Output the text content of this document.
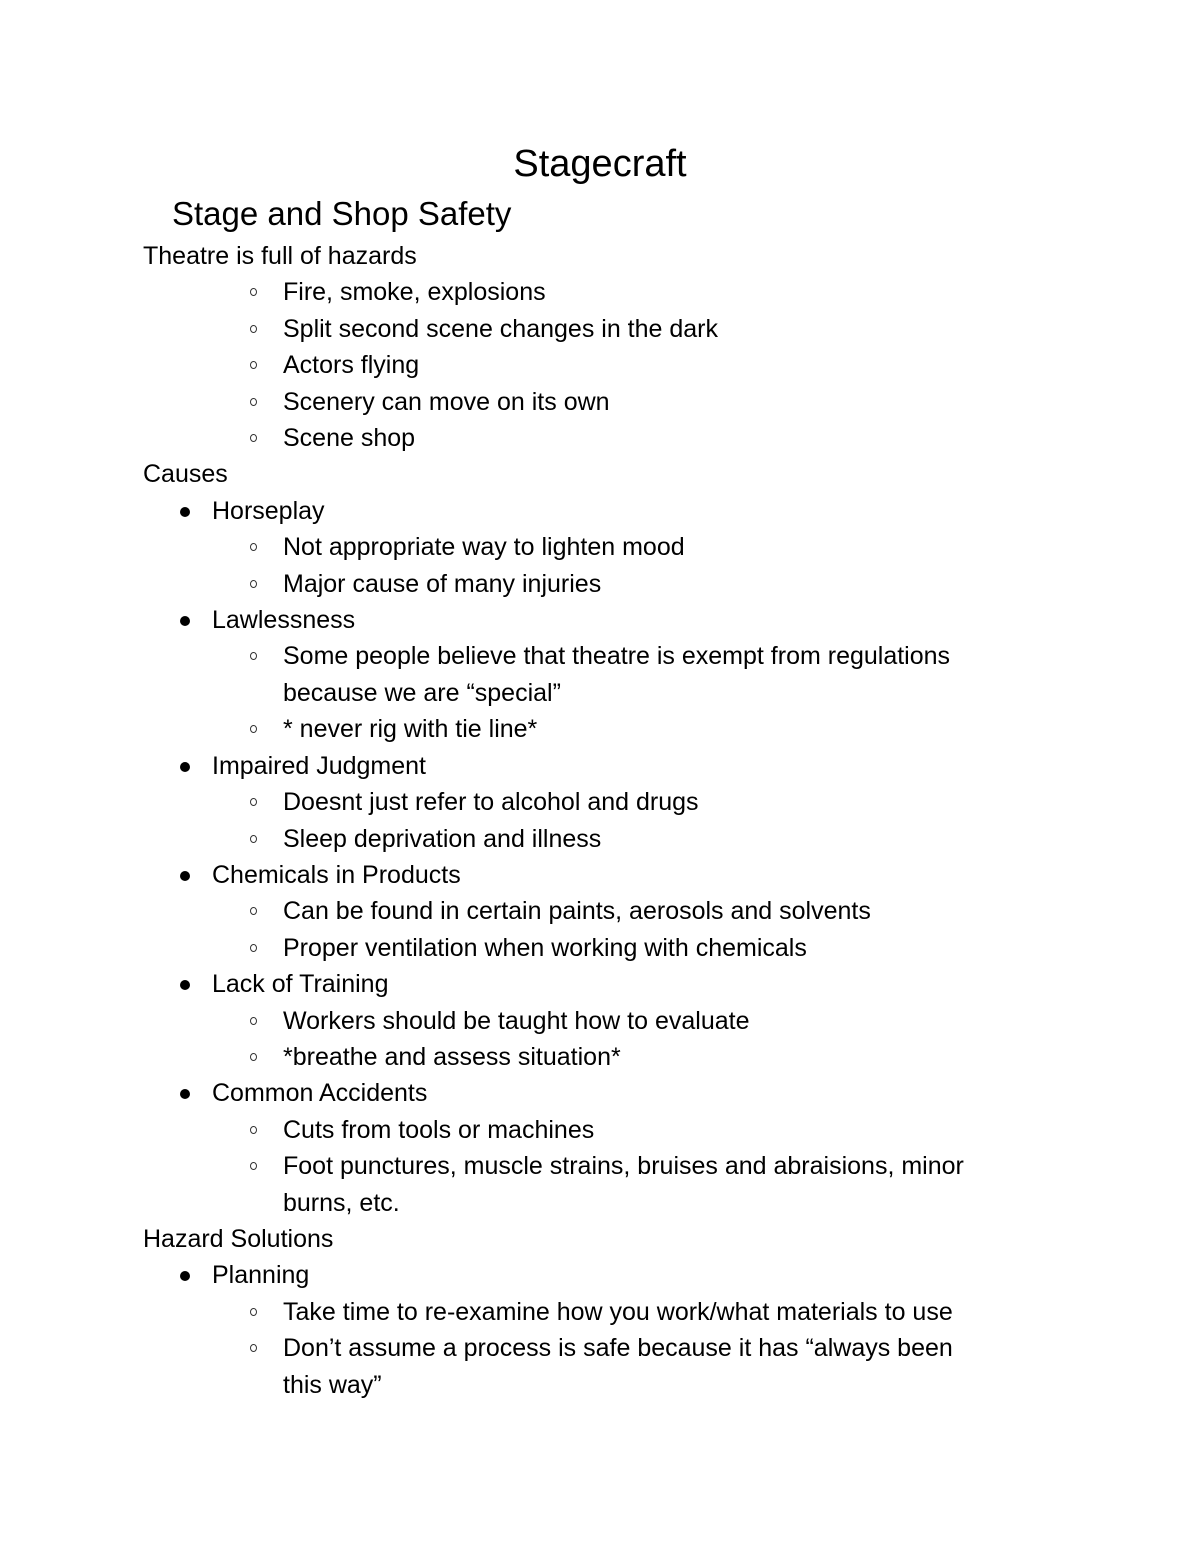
Stagecraft
Stage and Shop Safety
Theatre is full of hazards
Fire, smoke, explosions
Split second scene changes in the dark
Actors flying
Scenery can move on its own
Scene shop
Causes
Horseplay
Not appropriate way to lighten mood
Major cause of many injuries
Lawlessness
Some people believe that theatre is exempt from regulations
because we are “special”
* never rig with tie line*
Impaired Judgment
Doesnt just refer to alcohol and drugs
Sleep deprivation and illness
Chemicals in Products
Can be found in certain paints, aerosols and solvents
Proper ventilation when working with chemicals
Lack of Training
Workers should be taught how to evaluate
*breathe and assess situation*
Common Accidents
Cuts from tools or machines
Foot punctures, muscle strains, bruises and abraisions, minor
burns, etc.
Hazard Solutions
Planning
Take time to re-examine how you work/what materials to use
Don’t assume a process is safe because it has “always been
this way”
